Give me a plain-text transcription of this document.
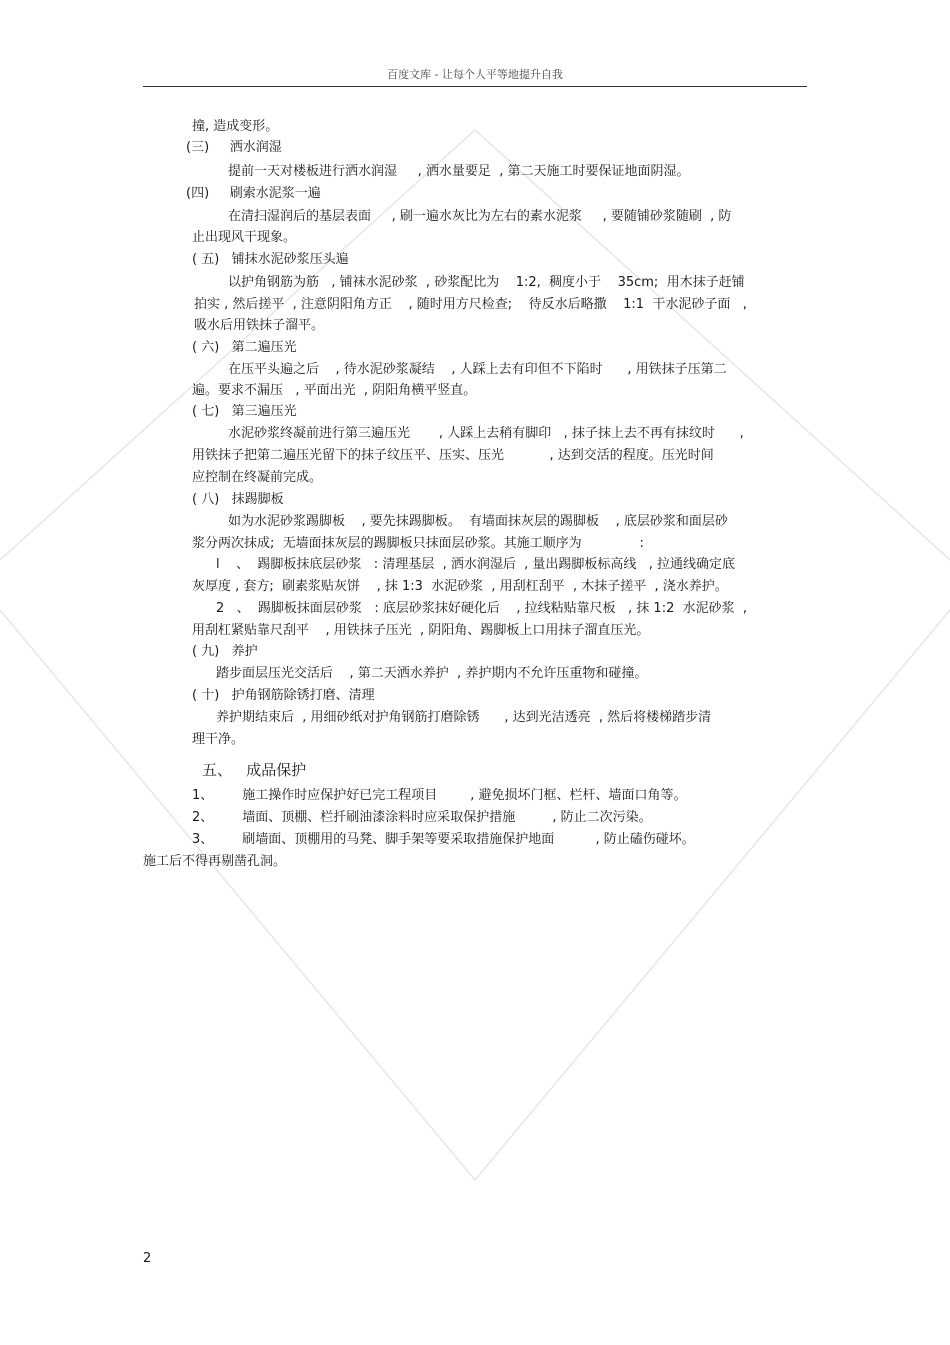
百度文库 - 让每个人平等地提升自我
撞, 造成变形。
(三)     洒水润湿
提前一天对楼板进行洒水润湿     , 洒水量要足  , 第二天施工时要保证地面阴湿。
(四)     刷索水泥浆一遍
在清扫湿润后的基层表面     , 刷一遍水灰比为左右的素水泥浆     , 要随铺砂浆随刷  , 防
止出现风干现象。
( 五)   铺抹水泥砂浆压头遍
以护角钢筋为筋   , 铺袜水泥砂浆  , 砂浆配比为    1:2,  稠度小于    35cm;  用木抹子赶铺
拍实 , 然后搓平  , 注意阴阳角方正    , 随时用方尺检查;    待反水后略撒    1:1  干水泥砂子面   ,
吸水后用铁抹子溜平。
( 六)   第二遍压光
在压平头遍之后    , 待水泥砂浆凝结    , 人踩上去有印但不下陷时      , 用铁抹子压第二
遍。要求不漏压   , 平面出光  , 阴阳角横平竖直。
( 七)   第三遍压光
水泥砂浆终凝前进行第三遍压光       , 人踩上去稍有脚印   , 抹子抹上去不再有抹纹时      ,
用铁抹子把第二遍压光留下的抹子纹压平、压实、压光           , 达到交活的程度。压光时间
应控制在终凝前完成。
( 八)   抹踢脚板
如为水泥砂浆踢脚板    , 要先抹踢脚板。  有墙面抹灰层的踢脚板    , 底层砂浆和面层砂
浆分两次抹成;  无墙面抹灰层的踢脚板只抹面层砂浆。其施工顺序为              :
l    、  踢脚板抹底层砂浆   : 清理基层  , 洒水润湿后  , 量出踢脚板标高线   , 拉通线确定底
灰厚度 , 套方;  刷素浆贴灰饼    , 抹 1:3  水泥砂浆  , 用刮杠刮平  , 木抹子搓平  , 浇水养护。
2   、  踢脚板抹面层砂浆   : 底层砂浆抹好硬化后    , 拉线粘贴靠尺板   , 抹 1:2  水泥砂浆  ,
用刮杠紧贴靠尺刮平    , 用铁抹子压光  , 阴阳角、踢脚板上口用抹子溜直压光。
( 九)   养护
踏步面层压光交活后    , 第二天洒水养护  , 养护期内不允许压重物和碰撞。
( 十)   护角钢筋除锈打磨、清理
养护期结束后  , 用细砂纸对护角钢筋打磨除锈      , 达到光洁透亮  , 然后将楼梯踏步清
理干净。
五、   成品保护
1、       施工操作时应保护好已完工程项目        , 避免损坏门框、栏杆、墙面口角等。
2、       墙面、顶棚、栏扦刷油漆涂料时应采取保护措施         , 防止二次污染。
3、       刷墙面、顶棚用的马凳、脚手架等要采取措施保护地面          , 防止磕伤碰坏。
施工后不得再剔凿孔洞。
2
